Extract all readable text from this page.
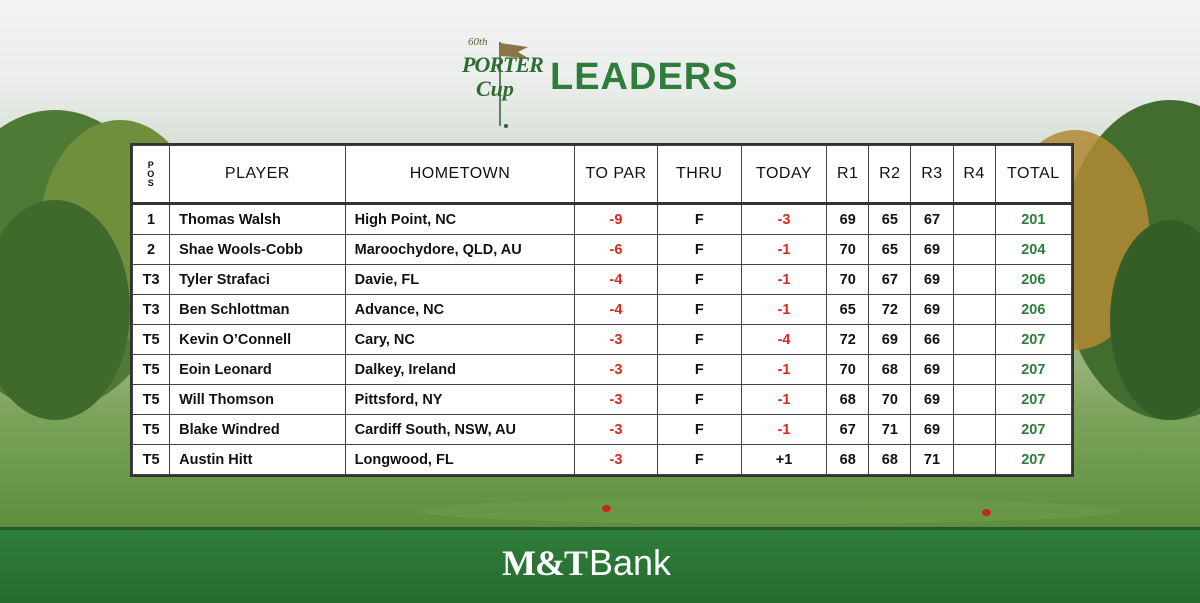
60th
PORTER
Cup LEADERS
P
O
S	PLAYER	HOMETOWN	TO PAR	THRU	TODAY	R1	R2	R3	R4	TOTAL
1	Thomas Walsh	High Point, NC	-9	F	-3	69	65	67		201
2	Shae Wools-Cobb	Maroochydore, QLD, AU	-6	F	-1	70	65	69		204
T3	Tyler Strafaci	Davie, FL	-4	F	-1	70	67	69		206
T3	Ben Schlottman	Advance, NC	-4	F	-1	65	72	69		206
T5	Kevin O’Connell	Cary, NC	-3	F	-4	72	69	66		207
T5	Eoin Leonard	Dalkey, Ireland	-3	F	-1	70	68	69		207
T5	Will Thomson	Pittsford, NY	-3	F	-1	68	70	69		207
T5	Blake Windred	Cardiff South, NSW, AU	-3	F	-1	67	71	69		207
T5	Austin Hitt	Longwood, FL	-3	F	+1	68	68	71		207
M&TBank
